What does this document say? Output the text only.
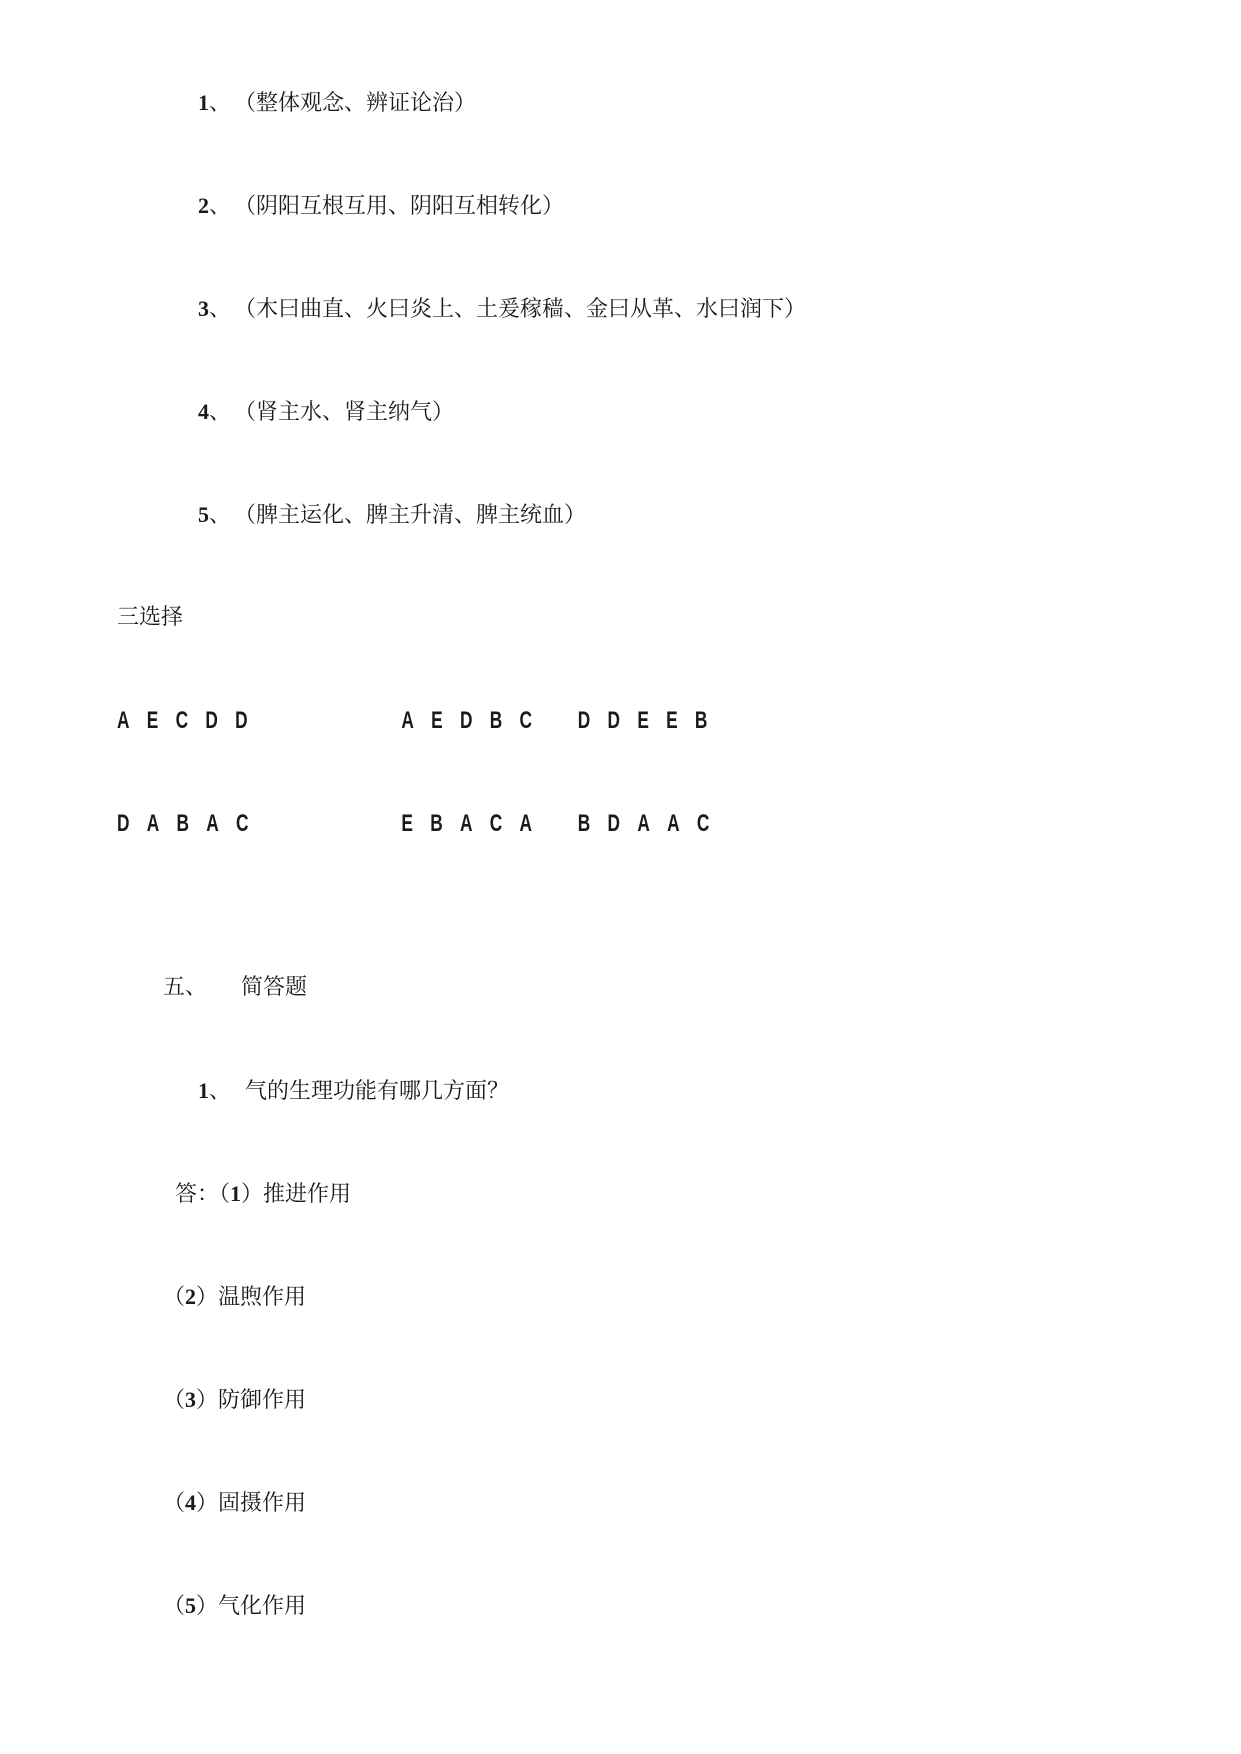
1、 （整体观念、辨证论治）
2、 （阴阳互根互用、阴阳互相转化）
3、 （木曰曲直、火曰炎上、土爰稼穑、金曰从革、水曰润下）
4、 （肾主水、肾主纳气）
5、 （脾主运化、脾主升清、脾主统血）
三选择
AECDD	AEDBC DDEEB
DABAC	EBACA BDAAC
五、 简答题
1、 气的生理功能有哪几方面？
答：（1）推进作用
（2）温煦作用
（3）防御作用
（4）固摄作用
（5）气化作用
